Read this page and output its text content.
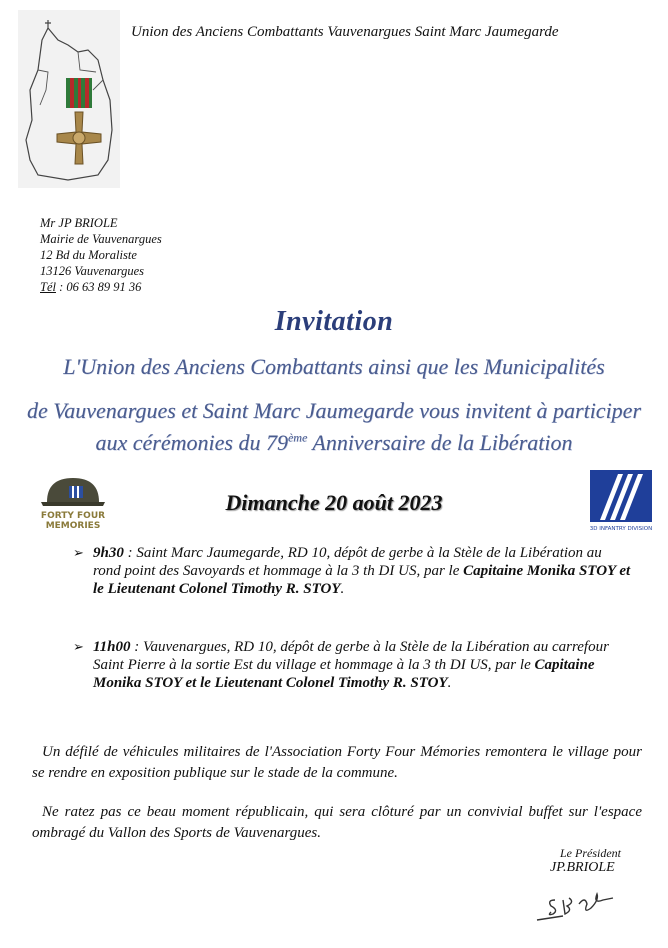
Union des Anciens Combattants Vauvenargues Saint Marc Jaumegarde
Mr JP BRIOLE
Mairie de Vauvenargues
12 Bd du Moraliste
13126 Vauvenargues
Tél : 06 63 89 91 36
Invitation
L'Union des Anciens Combattants ainsi que les Municipalités
de Vauvenargues et Saint Marc Jaumegarde vous invitent à participer
aux cérémonies du 79ème Anniversaire de la Libération
FORTY FOUR
MEMORIES
Dimanche 20 août 2023
3D INFANTRY DIVISION
➢ 9h30 : Saint Marc Jaumegarde, RD 10, dépôt de gerbe à la Stèle de la Libération au rond point des Savoyards et hommage à la 3 th DI US, par le Capitaine Monika STOY et le Lieutenant Colonel Timothy R. STOY.
➢ 11h00 : Vauvenargues, RD 10, dépôt de gerbe à la Stèle de la Libération au carrefour Saint Pierre à la sortie Est du village et hommage à la 3 th DI US, par le Capitaine Monika STOY et le Lieutenant Colonel Timothy R. STOY.
Un défilé de véhicules militaires de l'Association Forty Four Mémories remontera le village pour se rendre en exposition publique sur le stade de la commune.
Ne ratez pas ce beau moment républicain, qui sera clôturé par un convivial buffet sur l'espace ombragé du Vallon des Sports de Vauvenargues.
Le Président
JP.BRIOLE
